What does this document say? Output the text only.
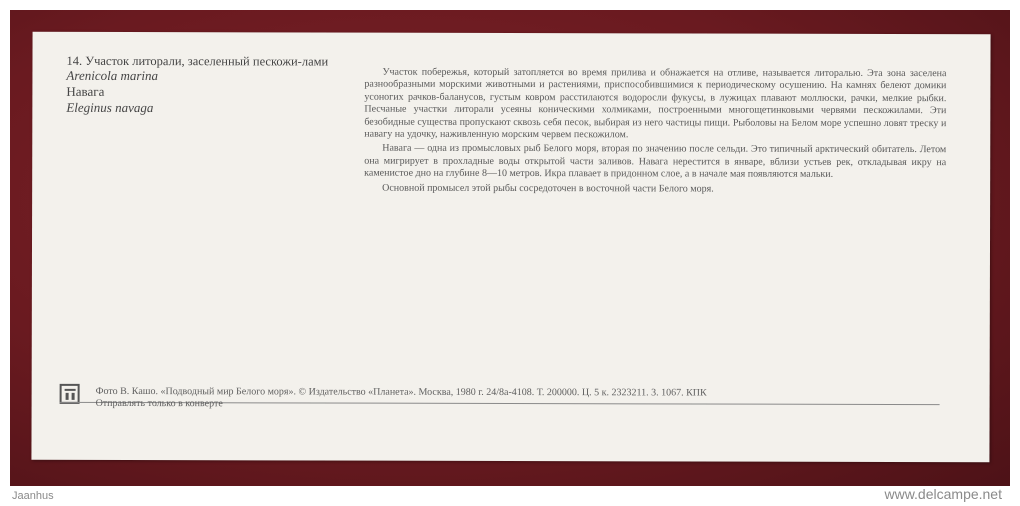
14. Участок литорали, заселенный пескожи-лами

Arenicola marina

Навага

Eleginus navaga

Участок побережья, который затопляется во время прилива и обнажается на отливе, называется литоралью. Эта зона заселена разнообразными морскими животными и растениями, приспособившимися к периодическому осушению. На камнях белеют домики усоногих рачков-баланусов, густым ковром расстилаются водоросли фукусы, в лужицах плавают моллюски, рачки, мелкие рыбки. Песчаные участки литорали усеяны коническими холмиками, построенными многощетинковыми червями пескожилами. Эти безобидные существа пропускают сквозь себя песок, выбирая из него частицы пищи. Рыболовы на Белом море успешно ловят треску и навагу на удочку, наживленную морским червем пескожилом.

Навага — одна из промысловых рыб Белого моря, вторая по значению после сельди. Это типичный арктический обитатель. Летом она мигрирует в прохладные воды открытой части заливов. Навага нерестится в январе, вблизи устьев рек, откладывая икру на каменистое дно на глубине 8—10 метров. Икра плавает в придонном слое, а в начале мая появляются мальки.

Основной промысел этой рыбы сосредоточен в восточной части Белого моря.

Фото В. Кашо. «Подводный мир Белого моря». © Издательство «Планета». Москва, 1980 г. 24/8а-4108. Т. 200000. Ц. 5 к. 2323211. 3. 1067. КПК
Отправлять только в конверте
Jaanhus	www.delcampe.net
